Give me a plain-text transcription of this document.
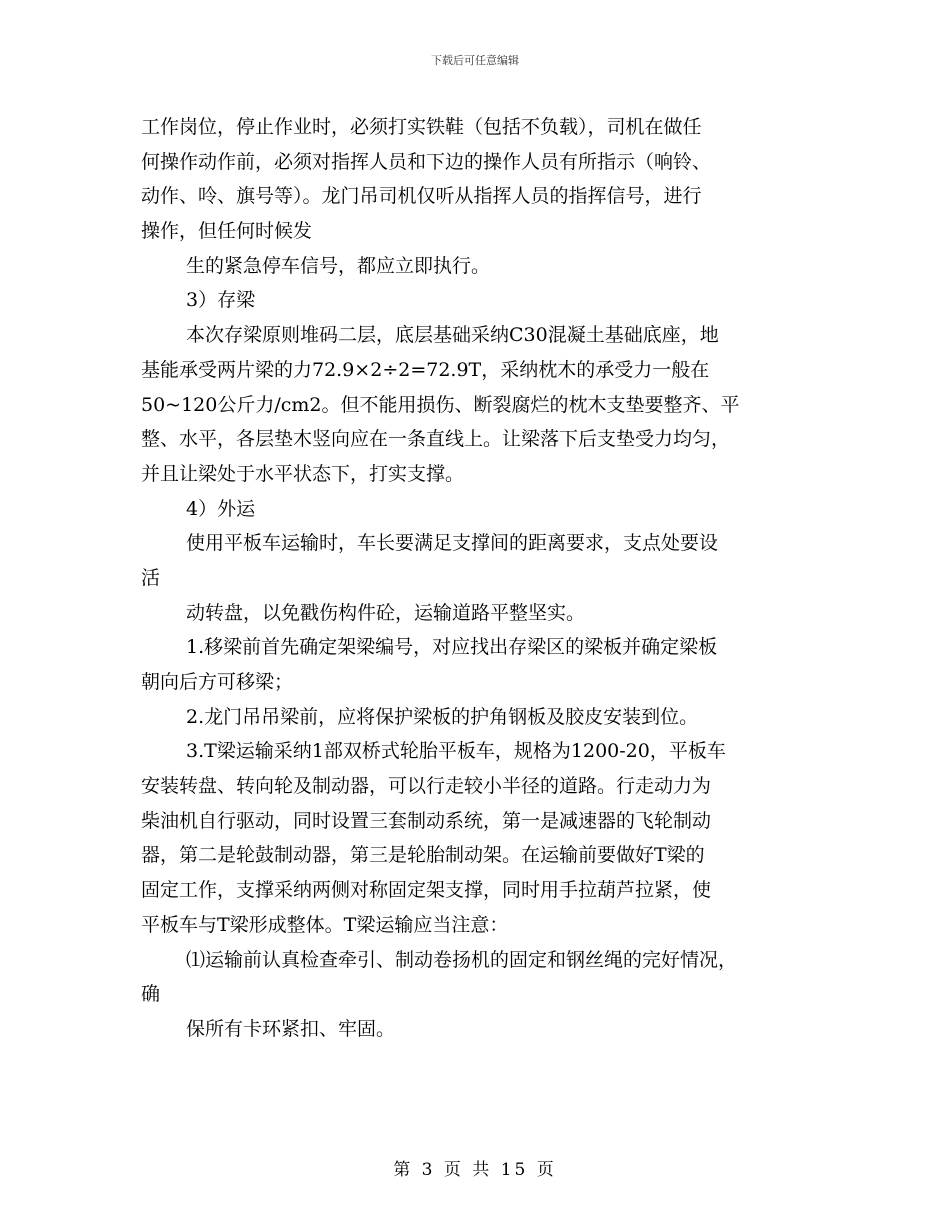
下载后可任意编辑
工作岗位，停止作业时，必须打实铁鞋（包括不负载），司机在做任
何操作动作前，必须对指挥人员和下边的操作人员有所指示（响铃、
动作、呤、旗号等）。龙门吊司机仅听从指挥人员的指挥信号，进行
操作，但任何时候发
生的紧急停车信号，都应立即执行。
3）存梁
本次存梁原则堆码二层，底层基础采纳C30混凝土基础底座，地
基能承受两片梁的力72.9×2÷2=72.9T，采纳枕木的承受力一般在
50~120公斤力/cm2。但不能用损伤、断裂腐烂的枕木支垫要整齐、平
整、水平，各层垫木竖向应在一条直线上。让梁落下后支垫受力均匀，
并且让梁处于水平状态下，打实支撑。
4）外运
使用平板车运输时，车长要满足支撑间的距离要求，支点处要设
活
动转盘，以免戳伤构件砼，运输道路平整坚实。
1.移梁前首先确定架梁编号，对应找出存梁区的梁板并确定梁板
朝向后方可移梁；
2.龙门吊吊梁前，应将保护梁板的护角钢板及胶皮安装到位。
3.T梁运输采纳1部双桥式轮胎平板车，规格为1200-20，平板车
安装转盘、转向轮及制动器，可以行走较小半径的道路。行走动力为
柴油机自行驱动，同时设置三套制动系统，第一是减速器的飞轮制动
器，第二是轮鼓制动器，第三是轮胎制动架。在运输前要做好T梁的
固定工作，支撑采纳两侧对称固定架支撑，同时用手拉葫芦拉紧，使
平板车与T梁形成整体。T梁运输应当注意：
⑴运输前认真检查牵引、制动卷扬机的固定和钢丝绳的完好情况，
确
保所有卡环紧扣、牢固。
第 3 页 共 15 页
